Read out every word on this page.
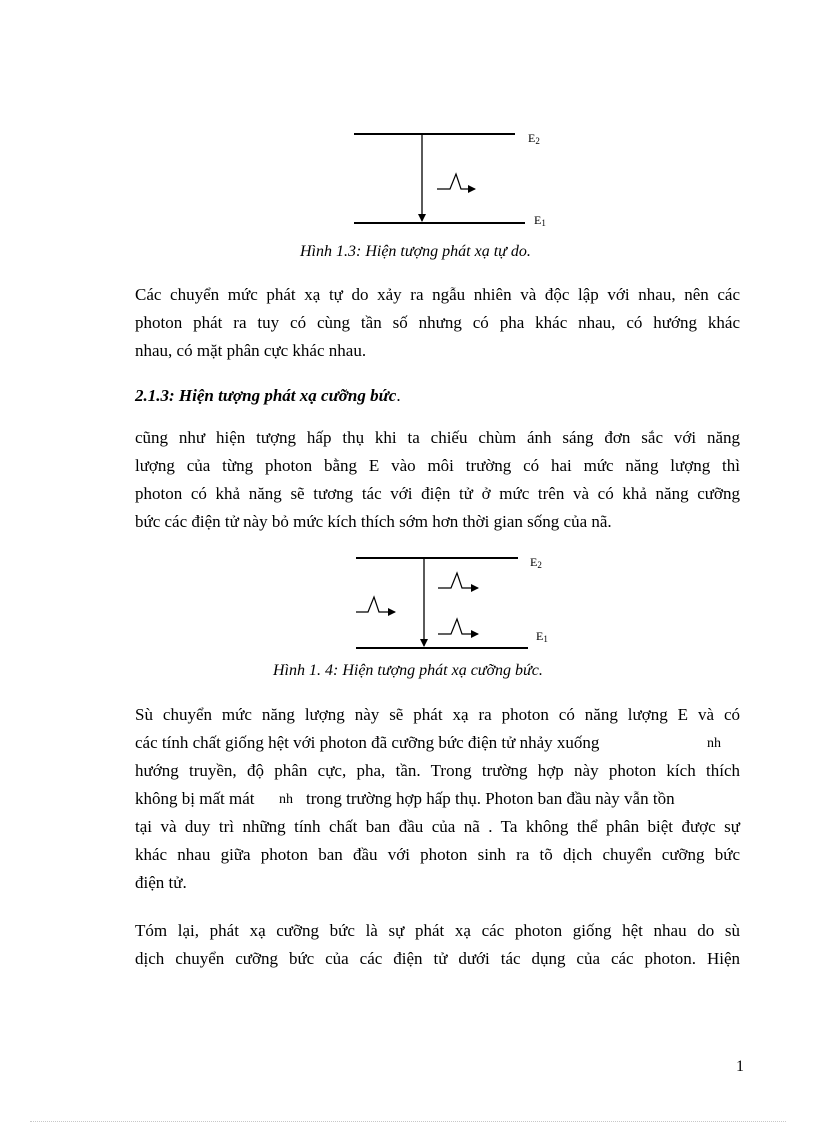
E2
E1
E2
E1
Hình 1.3: Hiện tượng phát xạ tự do.
Các chuyển mức phát xạ tự do xảy ra ngẫu nhiên và độc lập với nhau, nên các
photon phát ra tuy có cùng tần số nhưng có pha khác nhau, có hướng khác
nhau, có mặt phân cực khác nhau.
2.1.3: Hiện tượng phát xạ cưỡng bức.
cũng như hiện tượng hấp thụ khi ta chiếu chùm ánh sáng đơn sắc với năng
lượng của từng photon bằng E vào môi trường có hai mức năng lượng thì
photon có khả năng sẽ tương tác với điện tử ở mức trên và có khả năng cưỡng
bức các điện tử này bỏ mức kích thích sớm hơn thời gian sống của nã.
Hình 1. 4: Hiện tượng phát xạ cưỡng bức.
Sù chuyển mức năng lượng này sẽ phát xạ ra photon có năng lượng E và có
các tính chất giống hệt với photon đã cưỡng bức điện tử nhảy xuống
hướng truyền, độ phân cực, pha, tần. Trong trường hợp này photon kích thích
không bị mất mát	trong trường hợp hấp thụ. Photon ban đầu này vẫn tồn

tại và duy trì những tính chất ban đầu của nã . Ta không thể phân biệt được sự
khác nhau giữa photon ban đầu với photon sinh ra tõ dịch chuyển cưỡng bức
điện tử.
nh
nh
Tóm lại, phát xạ cưỡng bức là sự phát xạ các photon giống hệt nhau do sù
dịch chuyển cưỡng bức của các điện tử dưới tác dụng của các photon. Hiện
1
